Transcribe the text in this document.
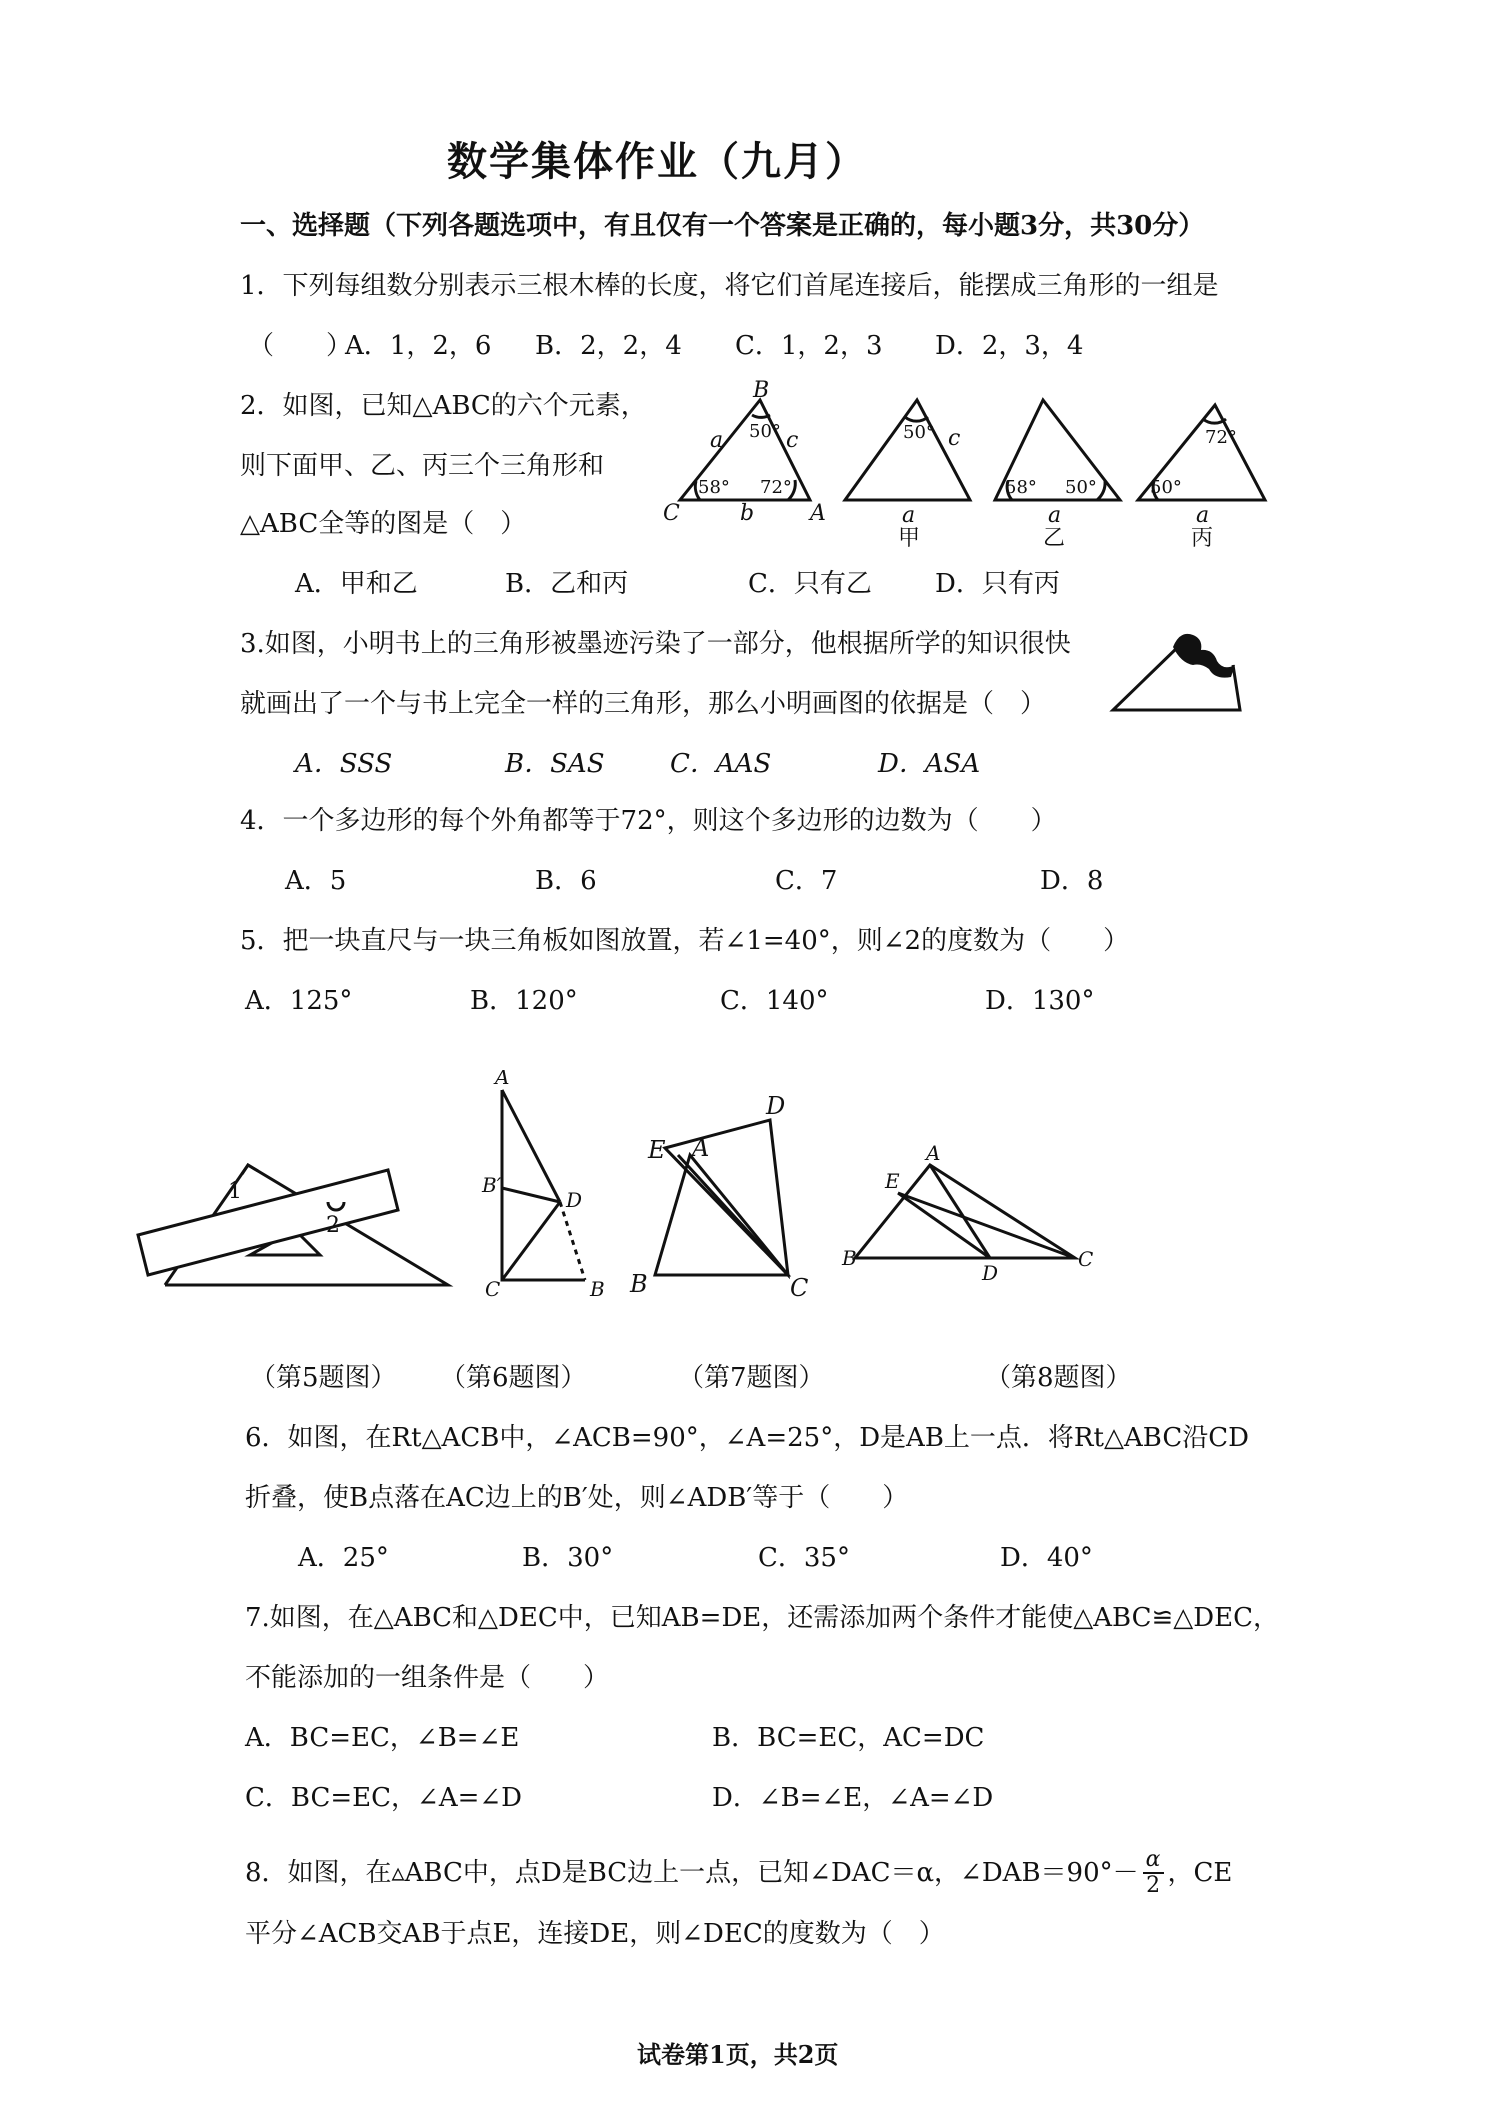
数学集体作业（九月）
一、选择题（下列各题选项中，有且仅有一个答案是正确的，每小题3分，共30分）
1．下列每组数分别表示三根木棒的长度，将它们首尾连接后，能摆成三角形的一组是
（　　）
A．1，2，6 B．2，2，4 C．1，2，3 D．2，3，4
2．如图，已知△ABC的六个元素，
则下面甲、乙、丙三个三角形和
△ABC全等的图是（　）
A．甲和乙	B．乙和丙	C．只有乙 D．只有丙
B
C	A
a	c
b
50°
58° 72°
50° c
a
甲
58° 50°
a
乙
72°
50°
a
丙
3.如图，小明书上的三角形被墨迹污染了一部分，他根据所学的知识很快
就画出了一个与书上完全一样的三角形，那么小明画图的依据是（　）
A．SSS	B．SAS	C．AAS	D．ASA
4．一个多边形的每个外角都等于72°，则这个多边形的边数为（　　）
A．5	B．6	C．7	D．8
5．把一块直尺与一块三角板如图放置，若∠1=40°，则∠2的度数为（　　）
A．125°	B．120°	C．140°	D．130°
1
2
A
B′
D
C	B
E A
D
B	C
A
E
B
D
C
（第5题图） （第6题图）	（第7题图）	（第8题图）
6．如图，在Rt△ACB中，∠ACB=90°，∠A=25°，D是AB上一点．将Rt△ABC沿CD
折叠，使B点落在AC边上的B′处，则∠ADB′等于（　　）
A．25°	B．30°	C．35°	D．40°
7.如图，在△ABC和△DEC中，已知AB=DE，还需添加两个条件才能使△ABC≌△DEC，
不能添加的一组条件是（　　）
A．BC=EC，∠B=∠E	B．BC=EC，AC=DC
C．BC=EC，∠A=∠D	D．∠B=∠E，∠A=∠D
8．如图，在▵ABC中，点D是BC边上一点，已知∠DAC＝α，∠DAB＝90°－ $\frac{\alpha}{2}$ ，CE
平分∠ACB交AB于点E，连接DE，则∠DEC的度数为（　）
试卷第1页，共2页
